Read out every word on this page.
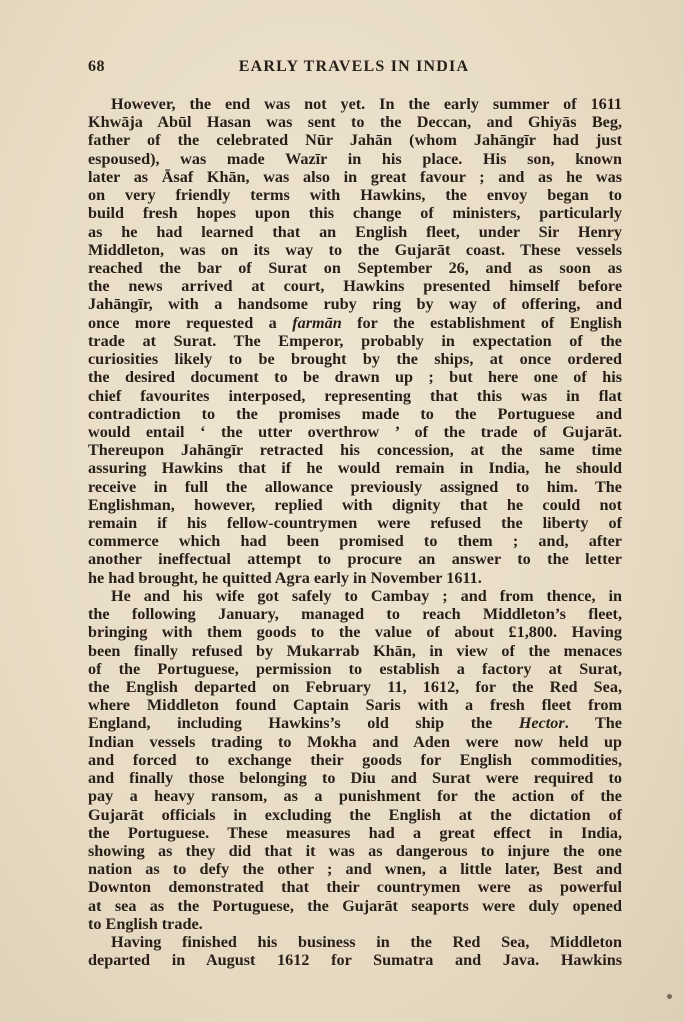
68	EARLY TRAVELS IN INDIA
However, the end was not yet. In the early summer of 1611
Khwāja Abūl Hasan was sent to the Deccan, and Ghiyās Beg,
father of the celebrated Nūr Jahān (whom Jahāngīr had just
espoused), was made Wazīr in his place. His son, known
later as Āsaf Khān, was also in great favour ; and as he was
on very friendly terms with Hawkins, the envoy began to
build fresh hopes upon this change of ministers, particularly
as he had learned that an English fleet, under Sir Henry
Middleton, was on its way to the Gujarāt coast. These vessels
reached the bar of Surat on September 26, and as soon as
the news arrived at court, Hawkins presented himself before
Jahāngīr, with a handsome ruby ring by way of offering, and
once more requested a farmān for the establishment of English
trade at Surat. The Emperor, probably in expectation of the
curiosities likely to be brought by the ships, at once ordered
the desired document to be drawn up ; but here one of his
chief favourites interposed, representing that this was in flat
contradiction to the promises made to the Portuguese and
would entail ‘ the utter overthrow ’ of the trade of Gujarāt.
Thereupon Jahāngīr retracted his concession, at the same time
assuring Hawkins that if he would remain in India, he should
receive in full the allowance previously assigned to him. The
Englishman, however, replied with dignity that he could not
remain if his fellow-countrymen were refused the liberty of
commerce which had been promised to them ; and, after
another ineffectual attempt to procure an answer to the letter
he had brought, he quitted Agra early in November 1611.
He and his wife got safely to Cambay ; and from thence, in
the following January, managed to reach Middleton’s fleet,
bringing with them goods to the value of about £1,800. Having
been finally refused by Mukarrab Khān, in view of the menaces
of the Portuguese, permission to establish a factory at Surat,
the English departed on February 11, 1612, for the Red Sea,
where Middleton found Captain Saris with a fresh fleet from
England, including Hawkins’s old ship the Hector. The
Indian vessels trading to Mokha and Aden were now held up
and forced to exchange their goods for English commodities,
and finally those belonging to Diu and Surat were required to
pay a heavy ransom, as a punishment for the action of the
Gujarāt officials in excluding the English at the dictation of
the Portuguese. These measures had a great effect in India,
showing as they did that it was as dangerous to injure the one
nation as to defy the other ; and wnen, a little later, Best and
Downton demonstrated that their countrymen were as powerful
at sea as the Portuguese, the Gujarāt seaports were duly opened
to English trade.
Having finished his business in the Red Sea, Middleton
departed in August 1612 for Sumatra and Java. Hawkins
